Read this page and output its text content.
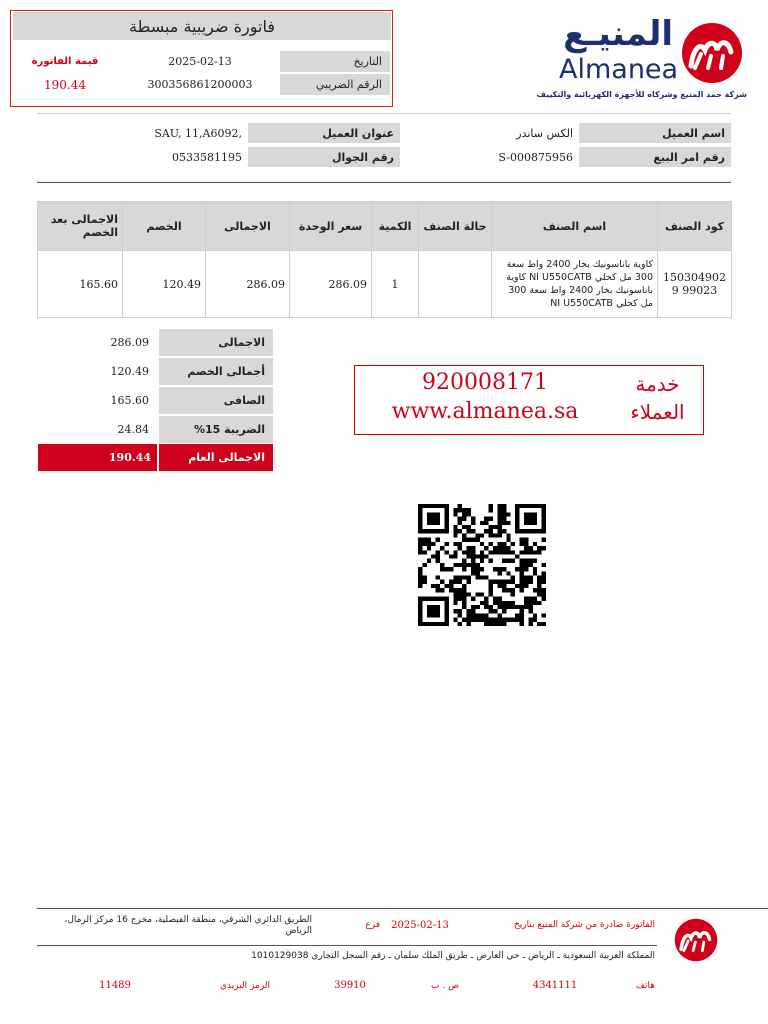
فاتورة ضريبية مبسطة
التاريخ
2025-02-13
الرقم الضريبي
300356861200003
قيمة الفاتورة
190.44
المنيـع
Almanea
شركة حمد المنيع وشركاه للأجهزة الكهربائية والتكييف
اسم العميل
الكس ساندر
عنوان العميل
SAU, 11,A6092,
رقم امر البيع
S-000875956
رقم الجوال
0533581195
الاجمالى بعد الخصم	الخصم	الاجمالى	سعر الوحدة	الكمية	حالة الصنف	اسم الصنف	كود الصنف
165.60	120.49	286.09	286.09	1		كاوية باناسونيك بخار 2400 واط سعة 300 مل كحلي NI U550CATB كاوية باناسونيك بخار 2400 واط سعة 300 مل كحلي NI U550CATB	1503049029 99023
الاجمالى
286.09
أجمالى الخصم
120.49
الصافى
165.60
الضريبة 15%
24.84
الاجمالى العام
190.44
خدمة
العملاء
920008171
www.almanea.sa
الفاتورة صادرة من شركة المنيع بتاريخ
2025-02-13
فرع
الطريق الدائري الشرقي، منطقة الفيصلية، مخرج 16 مركز الرمال، الرياض
المملكة العربية السعودية ـ الرياض ـ حي العارض ـ طريق الملك سلمان ـ رقم السجل التجاري 1010129038
هاتف
4341111
ص . ب
39910
الرمز البريدي
11489
